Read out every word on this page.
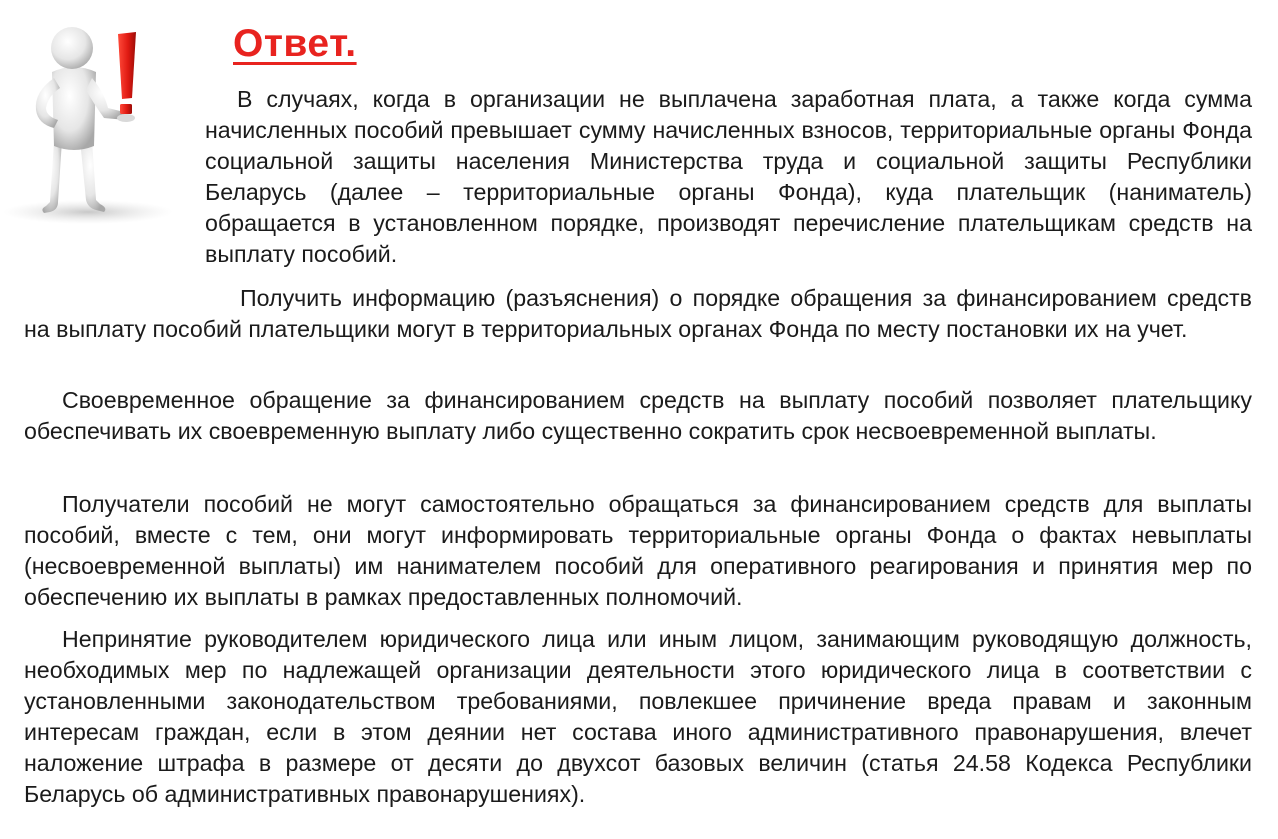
Ответ.

В случаях, когда в организации не выплачена заработная плата, а также когда сумма начисленных пособий превышает сумму начисленных взносов, территориальные органы Фонда социальной защиты населения Министерства труда и социальной защиты Республики Беларусь (далее – территориальные органы Фонда), куда плательщик (наниматель) обращается в установленном порядке, производят перечисление плательщикам средств на выплату пособий.

Получить информацию (разъяснения) о порядке обращения за финансированием средств на выплату пособий плательщики могут в территориальных органах Фонда по месту постановки их на учет.

Своевременное обращение за финансированием средств на выплату пособий позволяет плательщику обеспечивать их своевременную выплату либо существенно сократить срок несвоевременной выплаты.

Получатели пособий не могут самостоятельно обращаться за финансированием средств для выплаты пособий, вместе с тем, они могут информировать территориальные органы Фонда о фактах невыплаты (несвоевременной выплаты) им нанимателем пособий для оперативного реагирования и принятия мер по обеспечению их выплаты в рамках предоставленных полномочий.

Непринятие руководителем юридического лица или иным лицом, занимающим руководящую должность, необходимых мер по надлежащей организации деятельности этого юридического лица в соответствии с установленными законодательством требованиями, повлекшее причинение вреда правам и законным интересам граждан, если в этом деянии нет состава иного административного правонарушения, влечет наложение штрафа в размере от десяти до двухсот базовых величин (статья 24.58 Кодекса Республики Беларусь об административных правонарушениях).
